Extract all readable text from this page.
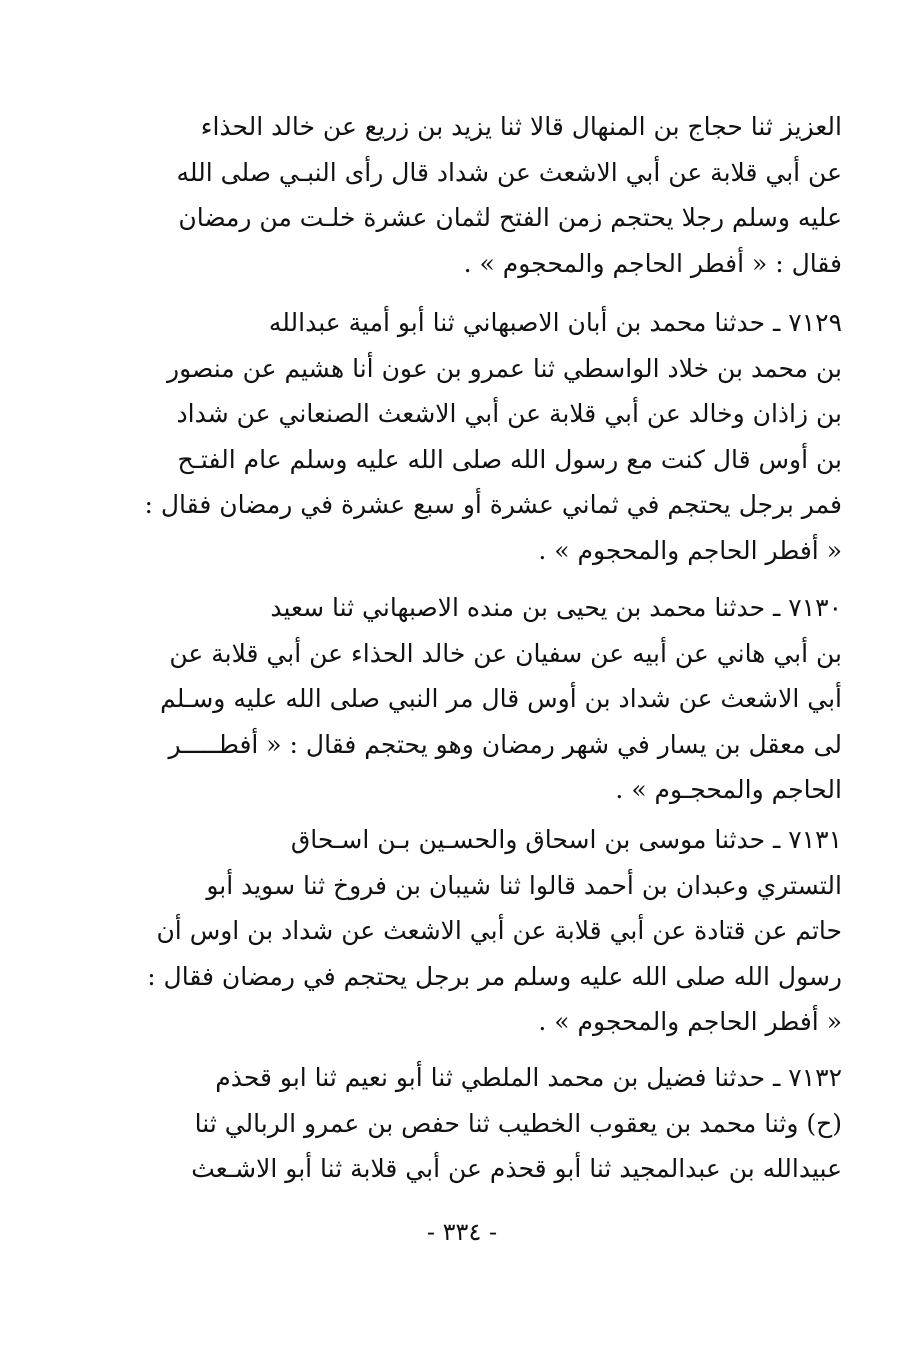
العزيز ثنا حجاج بن المنهال قالا ثنا يزيد بن زريع عن خالد الحذاء
عن أبي قلابة عن أبي الاشعث عن شداد قال رأى النبـي صلى الله
عليه وسلم رجلا يحتجم زمن الفتح لثمان عشرة خلـت من رمضان
فقال : « أفطر الحاجم والمحجوم » .
٧١٢٩ ـ حدثنا محمد بن أبان الاصبهاني ثنا أبو أمية عبدالله
بن محمد بن خلاد الواسطي ثنا عمرو بن عون أنا هشيم عن منصور
بن زاذان وخالد عن أبي قلابة عن أبي الاشعث الصنعاني عن شداد
بن أوس قال كنت مع رسول الله صلى الله عليه وسلم عام الفتـح
فمر برجل يحتجم في ثماني عشرة أو سبع عشرة في رمضان فقال :
« أفطر الحاجم والمحجوم » .
٧١٣٠ ـ حدثنا محمد بن يحيى بن منده الاصبهاني ثنا سعيد
بن أبي هاني عن أبيه عن سفيان عن خالد الحذاء عن أبي قلابة عن
أبي الاشعث عن شداد بن أوس قال مر النبي صلى الله عليه وسـلم
لى معقل بن يسار في شهر رمضان وهو يحتجم فقال : « أفطـــــر
الحاجم والمحجـوم » .
٧١٣١ ـ حدثنا موسى بن اسحاق والحسـين بـن اسـحاق
التستري وعبدان بن أحمد قالوا ثنا شيبان بن فروخ ثنا سويد أبو
حاتم عن قتادة عن أبي قلابة عن أبي الاشعث عن شداد بن اوس أن
رسول الله صلى الله عليه وسلم مر برجل يحتجم في رمضان فقال :
« أفطر الحاجم والمحجوم » .
٧١٣٢ ـ حدثنا فضيل بن محمد الملطي ثنا أبو نعيم ثنا ابو قحذم
(ح) وثنا محمد بن يعقوب الخطيب ثنا حفص بن عمرو الربالي ثنا
عبيدالله بن عبدالمجيد ثنا أبو قحذم عن أبي قلابة ثنا أبو الاشـعث
- ٣٣٤ -
